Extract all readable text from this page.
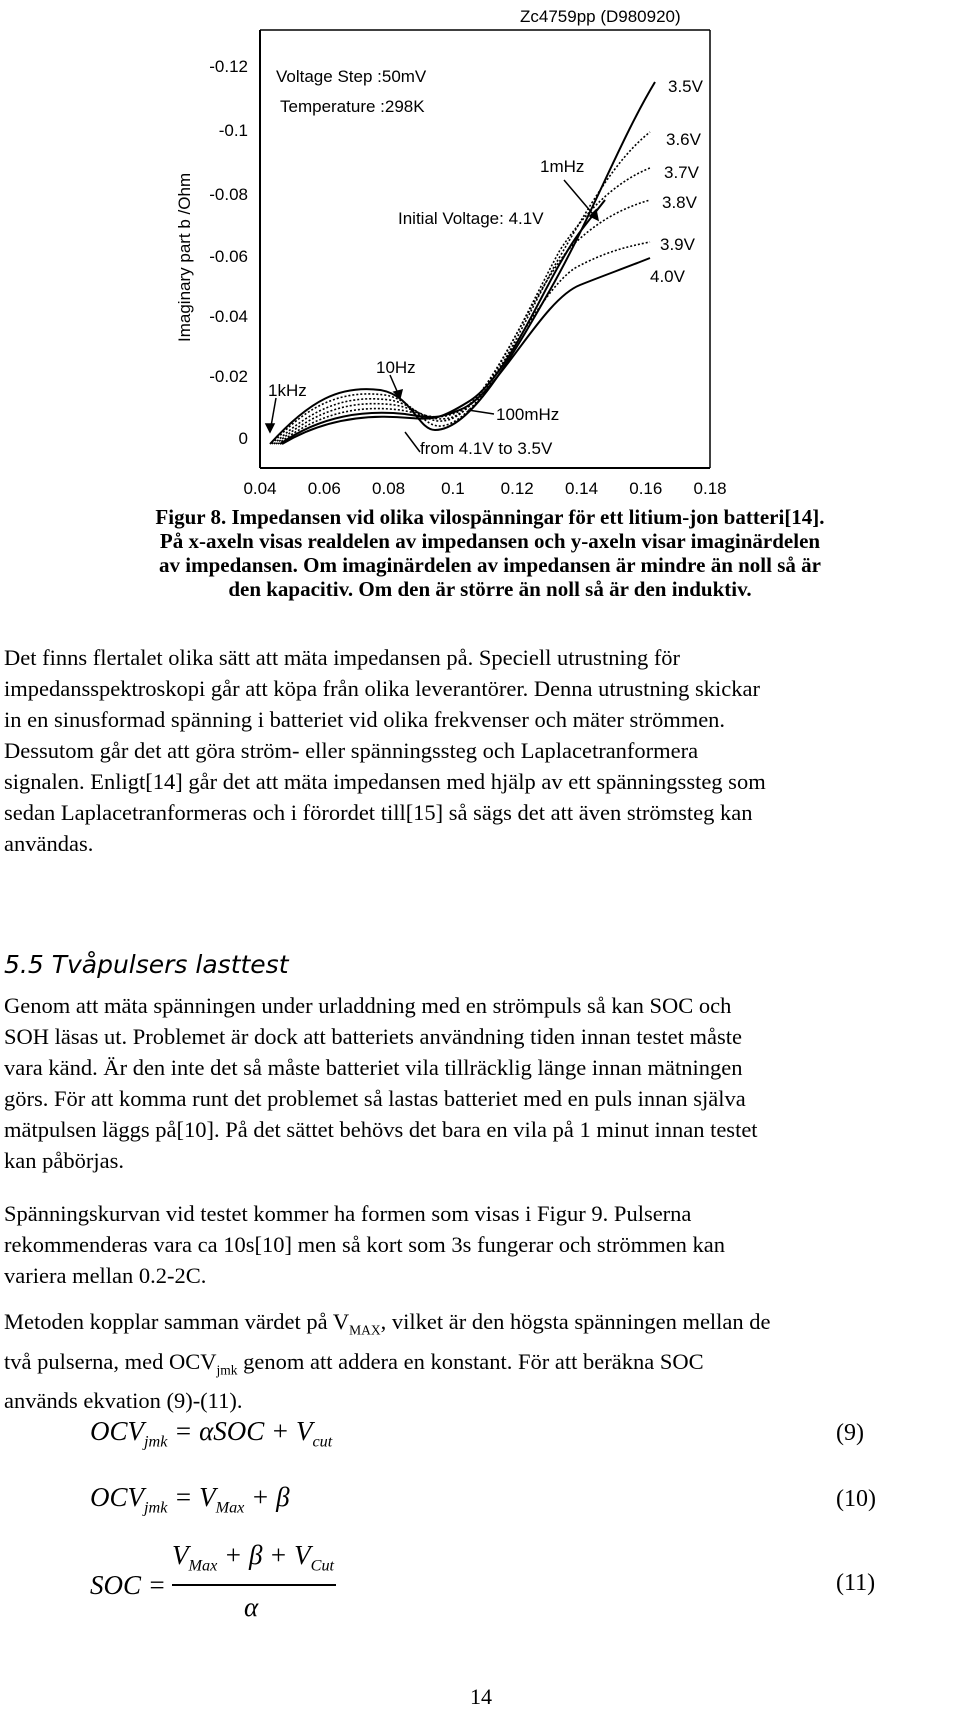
Zc4759pp (D980920)
Voltage Step :50mV
Temperature :298K
Imaginary part b /Ohm
-0.12
-0.1
-0.08
-0.06
-0.04
-0.02
0
0.04 0.06 0.08 0.1 0.12 0.14 0.16 0.18
1mHz
Initial Voltage: 4.1V
10Hz
1kHz
100mHz
from 4.1V to 3.5V
3.5V
3.6V
3.7V
3.8V
3.9V
4.0V
Figur 8. Impedansen vid olika vilospänningar för ett litium-jon batteri[14].
På x-axeln visas realdelen av impedansen och y-axeln visar imaginärdelen
av impedansen. Om imaginärdelen av impedansen är mindre än noll så är
den kapacitiv. Om den är större än noll så är den induktiv.
Det finns flertalet olika sätt att mäta impedansen på. Speciell utrustning för
impedansspektroskopi går att köpa från olika leverantörer. Denna utrustning skickar
in en sinusformad spänning i batteriet vid olika frekvenser och mäter strömmen.
Dessutom går det att göra ström- eller spänningssteg och Laplacetranformera
signalen. Enligt[14] går det att mäta impedansen med hjälp av ett spänningssteg som
sedan Laplacetranformeras och i förordet till[15] så sägs det att även strömsteg kan
användas.
5.5 Tvåpulsers lasttest
Genom att mäta spänningen under urladdning med en strömpuls så kan SOC och
SOH läsas ut. Problemet är dock att batteriets användning tiden innan testet måste
vara känd. Är den inte det så måste batteriet vila tillräcklig länge innan mätningen
görs. För att komma runt det problemet så lastas batteriet med en puls innan själva
mätpulsen läggs på[10]. På det sättet behövs det bara en vila på 1 minut innan testet
kan påbörjas.
Spänningskurvan vid testet kommer ha formen som visas i Figur 9. Pulserna
rekommenderas vara ca 10s[10] men så kort som 3s fungerar och strömmen kan
variera mellan 0.2-2C.
Metoden kopplar samman värdet på $V_{MAX}$, vilket är den högsta spänningen mellan de
två pulserna, med $OCV_{jmk}$ genom att addera en konstant. För att beräkna SOC
används ekvation (9)-(11).
$OCV_{jmk} = \alpha SOC + V_{cut}$	(9)
$OCV_{jmk} = V_{Max} + \beta$	(10)
SOC =
$V_{Max} + \beta + V_{Cut}$
α
(11)
14
